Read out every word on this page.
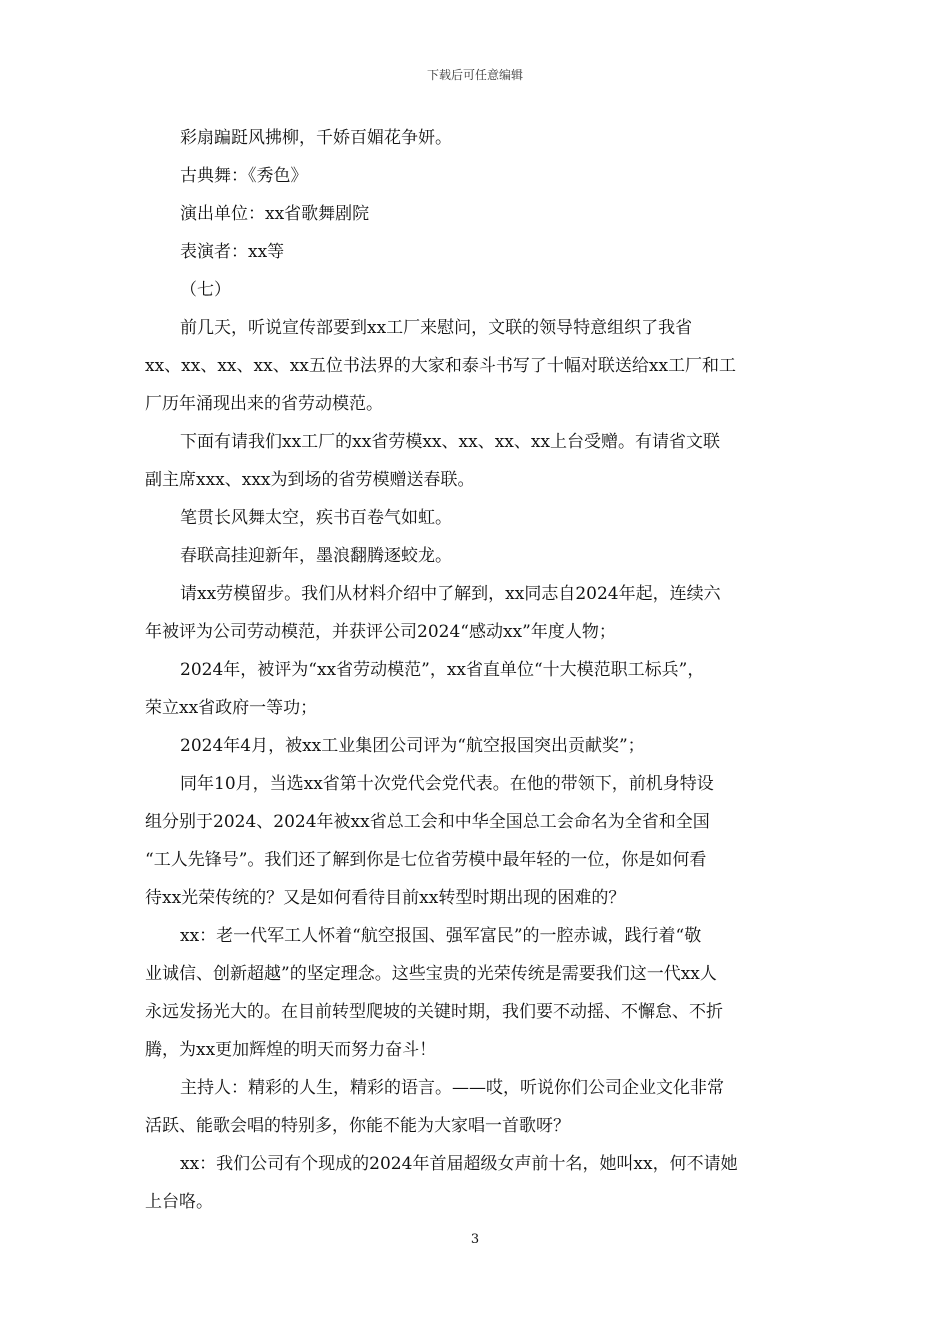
下载后可任意编辑

彩扇蹁跹风拂柳，千娇百媚花争妍。

古典舞：《秀色》

演出单位：xx省歌舞剧院

表演者：xx等

（七）

前几天，听说宣传部要到xx工厂来慰问，文联的领导特意组织了我省

xx、xx、xx、xx、xx五位书法界的大家和泰斗书写了十幅对联送给xx工厂和工

厂历年涌现出来的省劳动模范。

下面有请我们xx工厂的xx省劳模xx、xx、xx、xx上台受赠。有请省文联

副主席xxx、xxx为到场的省劳模赠送春联。

笔贯长风舞太空，疾书百卷气如虹。

春联高挂迎新年，墨浪翻腾逐蛟龙。

请xx劳模留步。我们从材料介绍中了解到，xx同志自2024年起，连续六

年被评为公司劳动模范，并获评公司2024“感动xx”年度人物；

2024年，被评为“xx省劳动模范”，xx省直单位“十大模范职工标兵”，

荣立xx省政府一等功；

2024年4月，被xx工业集团公司评为“航空报国突出贡献奖”；

同年10月，当选xx省第十次党代会党代表。在他的带领下，前机身特设

组分别于2024、2024年被xx省总工会和中华全国总工会命名为全省和全国

“工人先锋号”。我们还了解到你是七位省劳模中最年轻的一位，你是如何看

待xx光荣传统的？又是如何看待目前xx转型时期出现的困难的？

xx：老一代军工人怀着“航空报国、强军富民”的一腔赤诚，践行着“敬

业诚信、创新超越”的坚定理念。这些宝贵的光荣传统是需要我们这一代xx人

永远发扬光大的。在目前转型爬坡的关键时期，我们要不动摇、不懈怠、不折

腾，为xx更加辉煌的明天而努力奋斗！

主持人：精彩的人生，精彩的语言。——哎，听说你们公司企业文化非常

活跃、能歌会唱的特别多，你能不能为大家唱一首歌呀？

xx：我们公司有个现成的2024年首届超级女声前十名，她叫xx，何不请她

上台咯。

3
